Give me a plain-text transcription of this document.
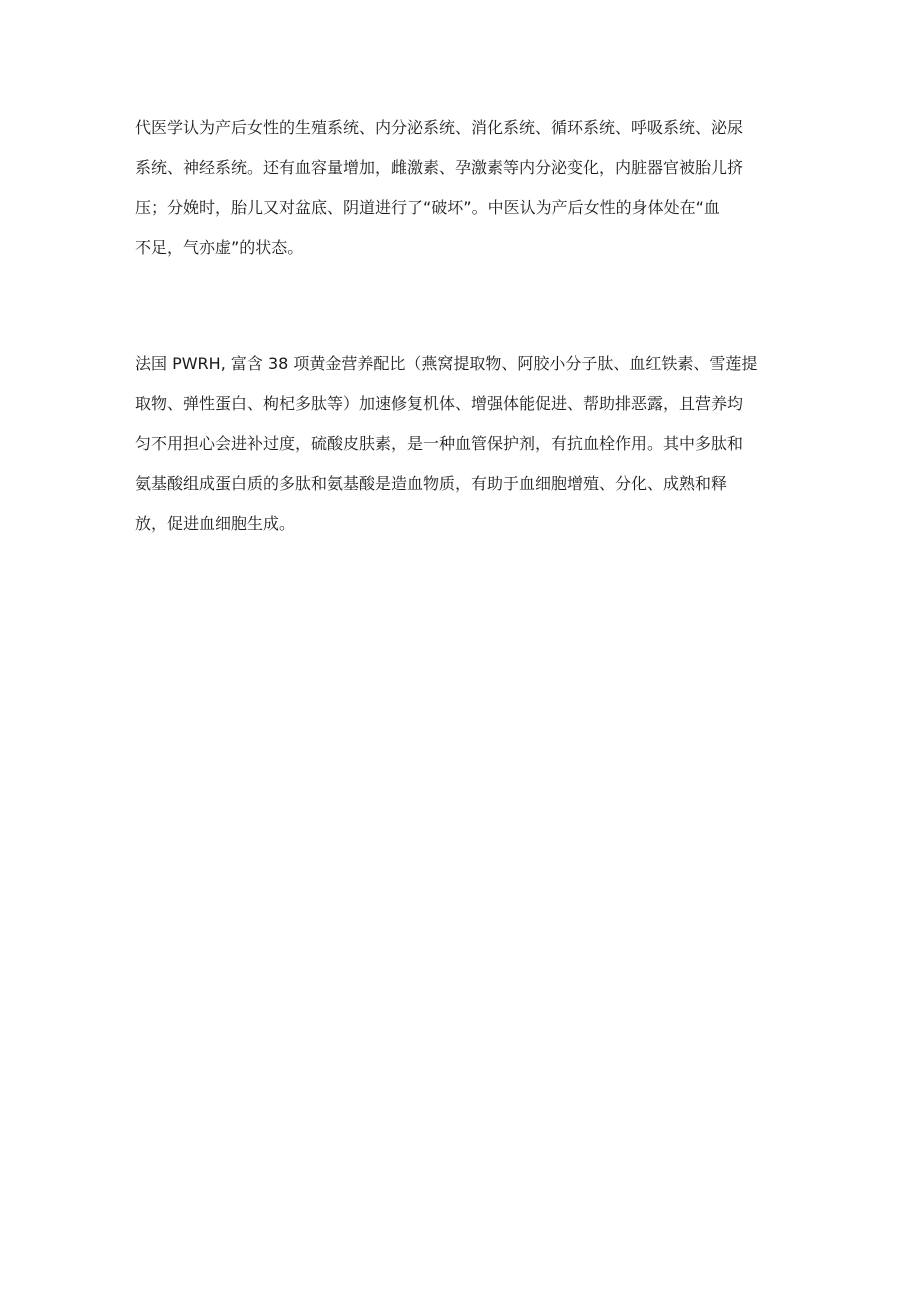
代医学认为产后女性的生殖系统、内分泌系统、消化系统、循环系统、呼吸系统、泌尿
系统、神经系统。还有血容量增加，雌激素、孕激素等内分泌变化，内脏器官被胎儿挤
压；分娩时，胎儿又对盆底、阴道进行了“破坏”。中医认为产后女性的身体处在“血
不足，气亦虚”的状态。
法国 PWRH, 富含 38 项黄金营养配比（燕窝提取物、阿胶小分子肽、血红铁素、雪莲提
取物、弹性蛋白、枸杞多肽等）加速修复机体、增强体能促进、帮助排恶露，且营养均
匀不用担心会进补过度，硫酸皮肤素，是一种血管保护剂，有抗血栓作用。其中多肽和
氨基酸组成蛋白质的多肽和氨基酸是造血物质，有助于血细胞增殖、分化、成熟和释
放，促进血细胞生成。
